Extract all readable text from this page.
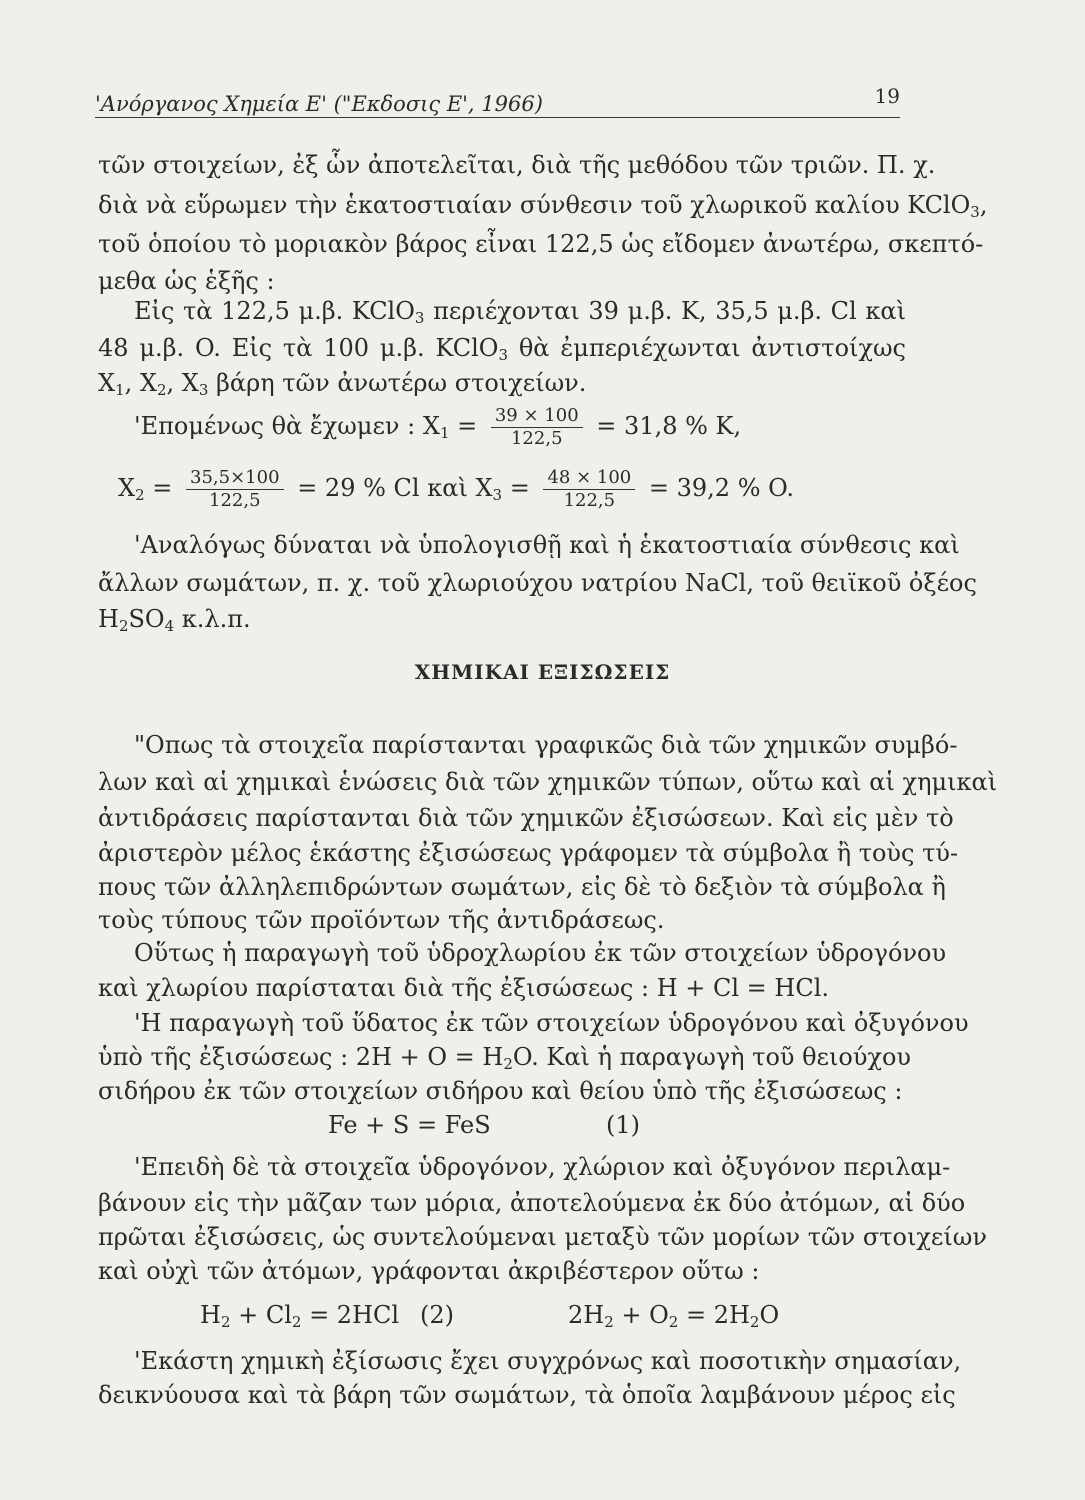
'Ανόργανος Χημεία Ε' ("Εκδοσις Ε', 1966)	19
τῶν στοιχείων, ἐξ ὧν ἀποτελεῖται, διὰ τῆς μεθόδου τῶν τριῶν. Π. χ.
διὰ νὰ εὕρωμεν τὴν ἑκατοστιαίαν σύνθεσιν τοῦ χλωρικοῦ καλίου KClO$_3$,
τοῦ ὁποίου τὸ μοριακὸν βάρος εἶναι 122,5 ὡς εἴδομεν ἀνωτέρω, σκεπτό-
μεθα ὡς ἑξῆς :
Εἰς τὰ 122,5 μ.β. KClO$_3$ περιέχονται 39 μ.β. K, 35,5 μ.β. Cl καὶ
48 μ.β. O. Εἰς τὰ 100 μ.β. KClO$_3$ θὰ ἐμπεριέχωνται ἀντιστοίχως
$X_1$, $X_2$, $X_3$ βάρη τῶν ἀνωτέρω στοιχείων.
'Επομένως θὰ ἔχωμεν : $X_1 = \frac{39 \times 100}{122,5} = 31,8$ % K,
$X_2 = \frac{35,5\times 100}{122,5} = 29$ % Cl καὶ $X_3 = \frac{48 \times 100}{122,5} = 39,2$ % O.
'Αναλόγως δύναται νὰ ὑπολογισθῇ καὶ ἡ ἑκατοστιαία σύνθεσις καὶ
ἄλλων σωμάτων, π. χ. τοῦ χλωριούχου νατρίου NaCl, τοῦ θειϊκοῦ ὀξέος
$H_2SO_4$ κ.λ.π.
ΧΗΜΙΚΑΙ ΕΞΙΣΩΣΕΙΣ
"Οπως τὰ στοιχεῖα παρίστανται γραφικῶς διὰ τῶν χημικῶν συμβό-
λων καὶ αἱ χημικαὶ ἑνώσεις διὰ τῶν χημικῶν τύπων, οὕτω καὶ αἱ χημικαὶ
ἀντιδράσεις παρίστανται διὰ τῶν χημικῶν ἐξισώσεων. Καὶ εἰς μὲν τὸ
ἀριστερὸν μέλος ἑκάστης ἐξισώσεως γράφομεν τὰ σύμβολα ἢ τοὺς τύ-
πους τῶν ἀλληλεπιδρώντων σωμάτων, εἰς δὲ τὸ δεξιὸν τὰ σύμβολα ἢ
τοὺς τύπους τῶν προϊόντων τῆς ἀντιδράσεως.
Οὕτως ἡ παραγωγὴ τοῦ ὑδροχλωρίου ἐκ τῶν στοιχείων ὑδρογόνου
καὶ χλωρίου παρίσταται διὰ τῆς ἐξισώσεως : H + Cl = HCl.
'Η παραγωγὴ τοῦ ὕδατος ἐκ τῶν στοιχείων ὑδρογόνου καὶ ὀξυγόνου
ὑπὸ τῆς ἐξισώσεως : $2H + O = H_2O$. Καὶ ἡ παραγωγὴ τοῦ θειούχου
σιδήρου ἐκ τῶν στοιχείων σιδήρου καὶ θείου ὑπὸ τῆς ἐξισώσεως :
Fe + S = FeS	(1)
'Επειδὴ δὲ τὰ στοιχεῖα ὑδρογόνον, χλώριον καὶ ὀξυγόνον περιλαμ-
βάνουν εἰς τὴν μᾶζαν των μόρια, ἀποτελούμενα ἐκ δύο ἀτόμων, αἱ δύο
πρῶται ἐξισώσεις, ὡς συντελούμεναι μεταξὺ τῶν μορίων τῶν στοιχείων
καὶ οὐχὶ τῶν ἀτόμων, γράφονται ἀκριβέστερον οὕτω :
$H_2 + Cl_2 = 2HCl$ (2)	$2H_2 + O_2 = 2H_2O$
'Εκάστη χημικὴ ἐξίσωσις ἔχει συγχρόνως καὶ ποσοτικὴν σημασίαν,
δεικνύουσα καὶ τὰ βάρη τῶν σωμάτων, τὰ ὁποῖα λαμβάνουν μέρος εἰς
